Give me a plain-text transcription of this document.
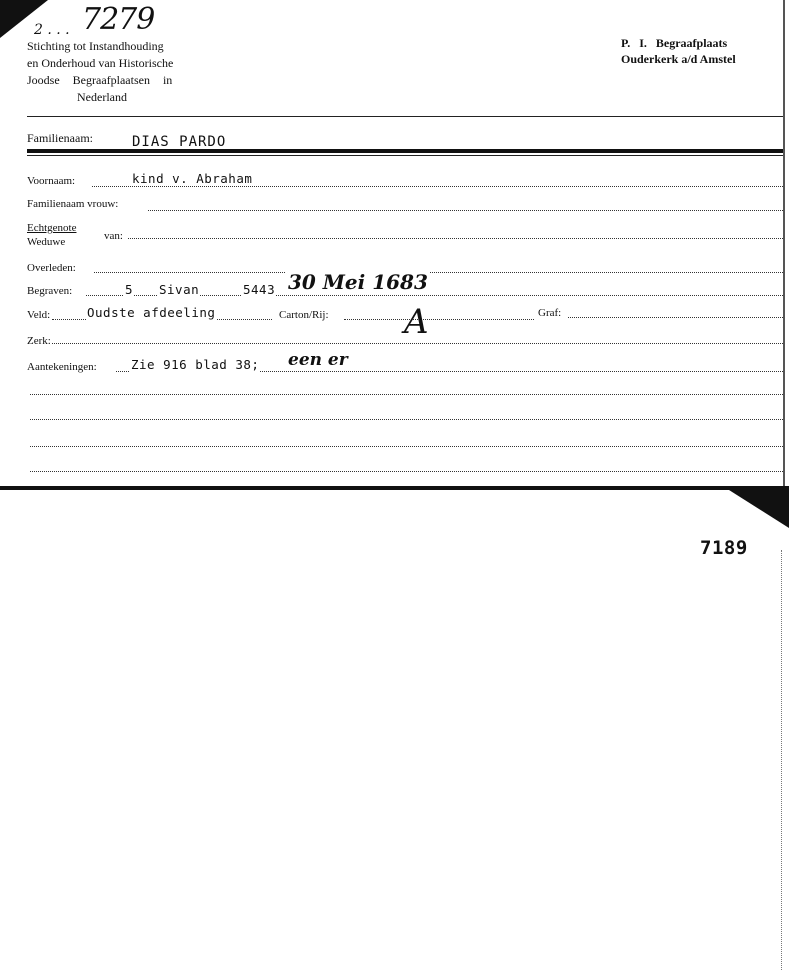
2 . . . 7279
Stichting tot Instandhouding
en Onderhoud van Historische
Joodse Begraafplaatsen in
Nederland
P. I. Begraafplaats
Ouderkerk a/d Amstel
Familienaam:	DIAS PARDO
Voornaam:	kind v. Abraham
Familienaam vrouw:
Echtgenote
Weduwe	van:
Overleden:
Begraven:	5 Sivan	5443 30 Mei 1683
Veld:	Oudste afdeeling	Carton/Rij: A	Graf:
Zerk:
Aantekeningen:	Zie 916 blad 38; een er
7189
